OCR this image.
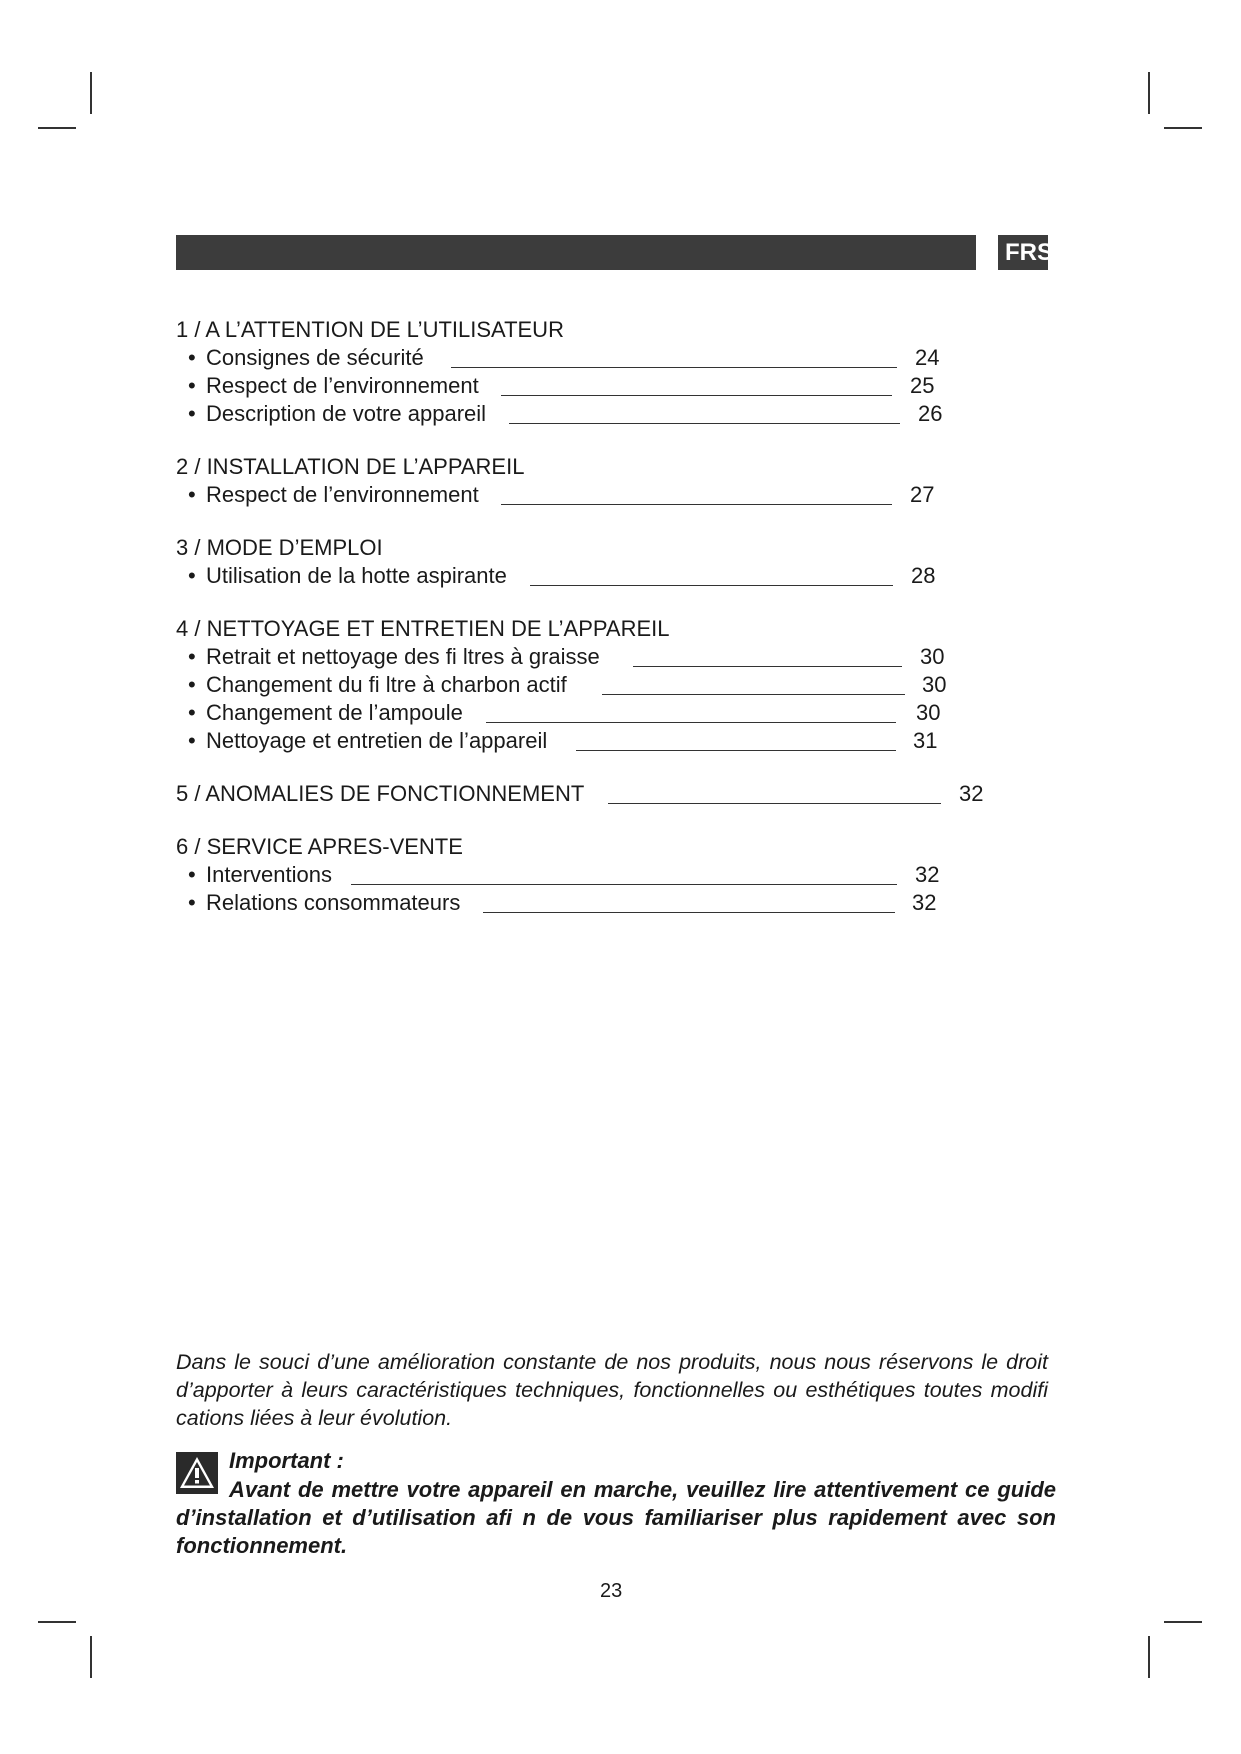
FRS
1 / A L’ATTENTION DE L’UTILISATEUR
• Consignes de sécurité	24
• Respect de l’environnement	25
• Description de votre appareil	26
2 / INSTALLATION DE L’APPAREIL
• Respect de l’environnement	27
3 / MODE D’EMPLOI
• Utilisation de la hotte aspirante	28
4 / NETTOYAGE ET ENTRETIEN DE L’APPAREIL
• Retrait et nettoyage des fi ltres à graisse	30
• Changement du fi ltre à charbon actif	30
• Changement de l’ampoule	30
• Nettoyage et entretien de l’appareil	31
5 / ANOMALIES DE FONCTIONNEMENT	32
6 / SERVICE APRES-VENTE
• Interventions	32
• Relations consommateurs	32
Dans le souci d’une amélioration constante de nos produits, nous nous réservons le droit d’apporter à leurs caractéristiques techniques, fonctionnelles ou esthétiques toutes modifi cations liées à leur évolution.
Important :
Avant de mettre votre appareil en marche, veuillez lire attentivement ce guide d’installation et d’utilisation afi n de vous familiariser plus rapidement avec son fonctionnement.
23
